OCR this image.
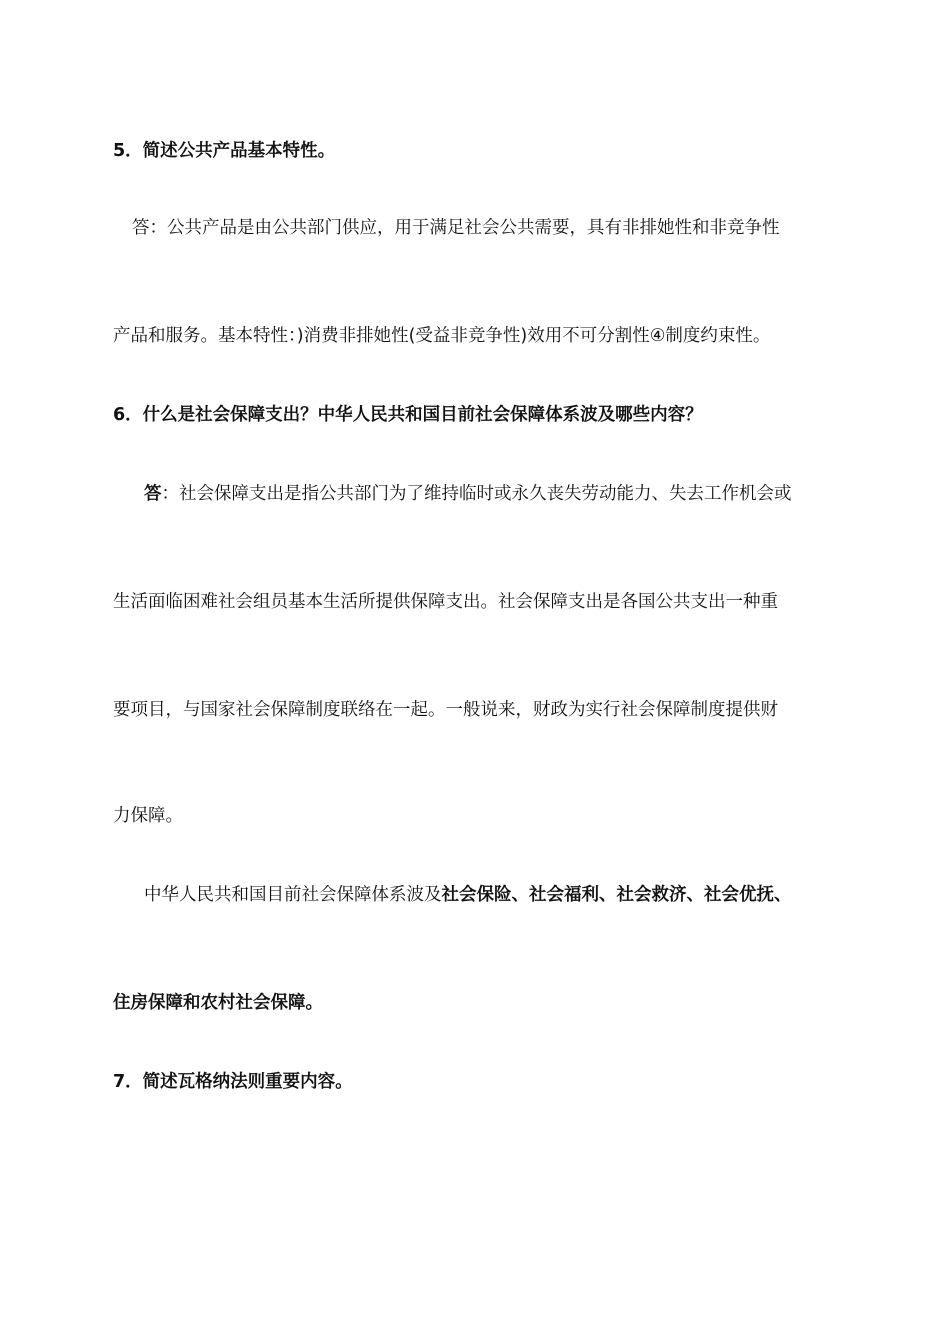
5．简述公共产品基本特性。
答：公共产品是由公共部门供应，用于满足社会公共需要，具有非排她性和非竞争性
产品和服务。基本特性：)消费非排她性(受益非竞争性)效用不可分割性④制度约束性。
6．什么是社会保障支出？中华人民共和国目前社会保障体系波及哪些内容？
答：社会保障支出是指公共部门为了维持临时或永久丧失劳动能力、失去工作机会或
生活面临困难社会组员基本生活所提供保障支出。社会保障支出是各国公共支出一种重
要项目，与国家社会保障制度联络在一起。一般说来，财政为实行社会保障制度提供财
力保障。
中华人民共和国目前社会保障体系波及社会保险、社会福利、社会救济、社会优抚、
住房保障和农村社会保障。
7．简述瓦格纳法则重要内容。
